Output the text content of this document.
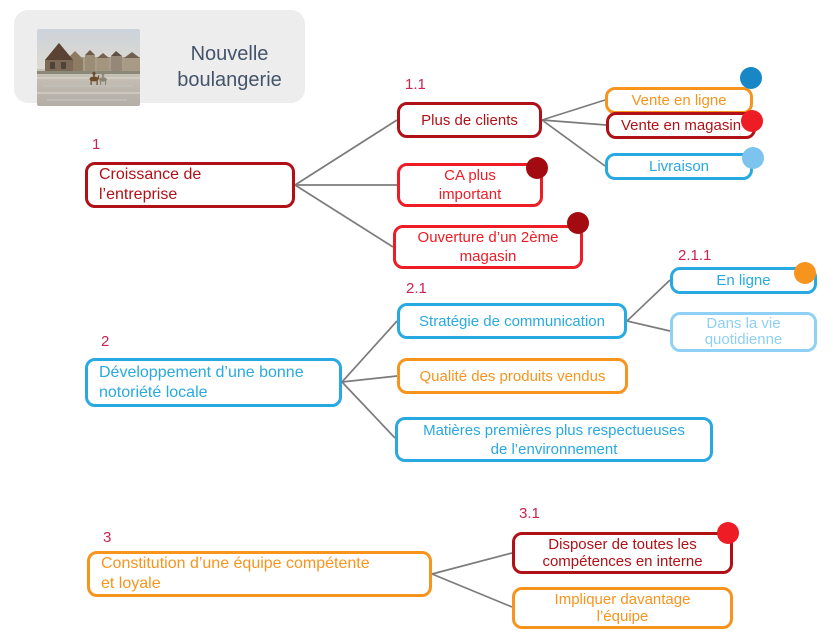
Nouvelle
boulangerie
1
Croissance de
l’entreprise
1.1
Plus de clients
Vente en ligne
Vente en magasin
Livraison
CA plus
important
Ouverture d’un 2ème
magasin
2
Développement d’une bonne
notoriété locale
2.1
Stratégie de communication
2.1.1
En ligne
Dans la vie
quotidienne
Qualité des produits vendus
Matières premières plus respectueuses
de l’environnement
3
Constitution d’une équipe compétente
et loyale
3.1
Disposer de toutes les
compétences en interne
Impliquer davantage
l’équipe
